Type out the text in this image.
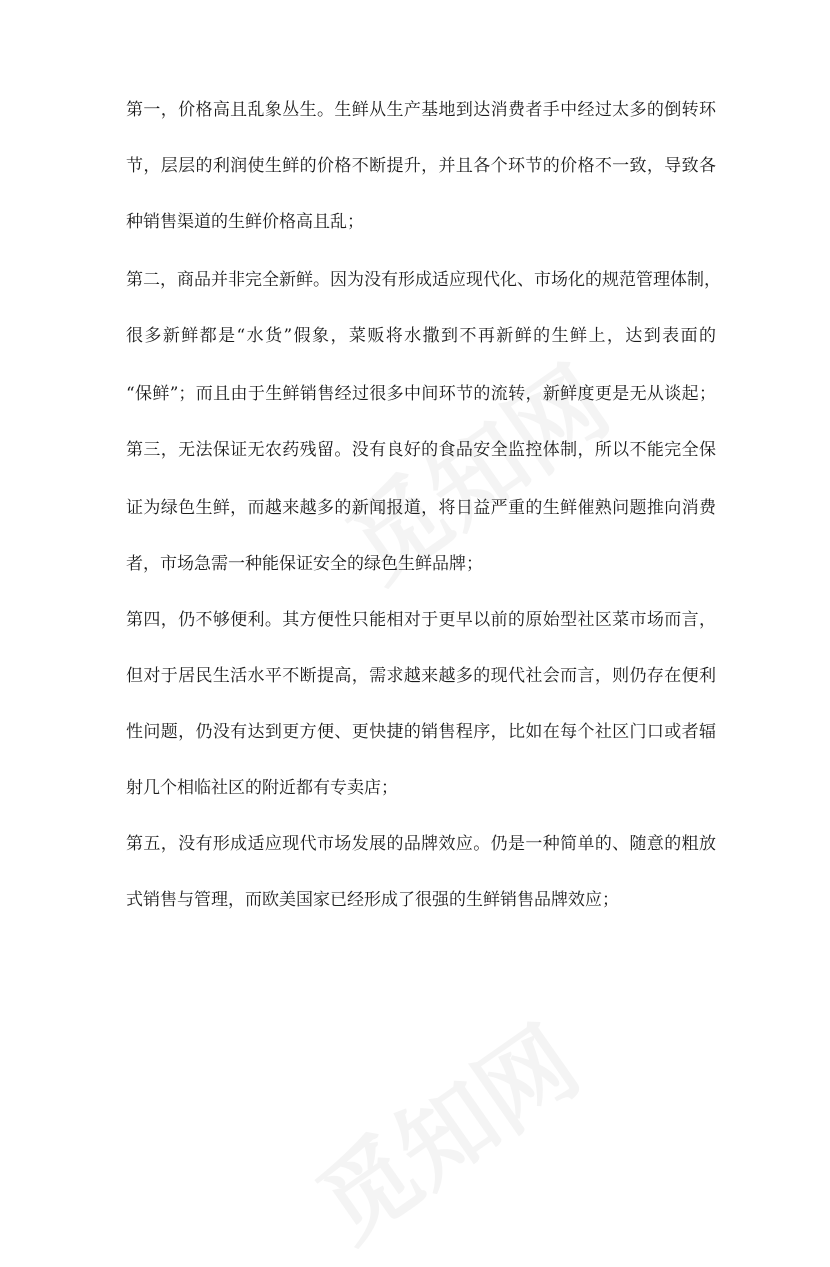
第一，价格高且乱象丛生。生鲜从生产基地到达消费者手中经过太多的倒转环
节，层层的利润使生鲜的价格不断提升，并且各个环节的价格不一致，导致各
种销售渠道的生鲜价格高且乱；
第二，商品并非完全新鲜。因为没有形成适应现代化、市场化的规范管理体制，
很多新鲜都是“水货”假象，菜贩将水撒到不再新鲜的生鲜上，达到表面的
“保鲜”；而且由于生鲜销售经过很多中间环节的流转，新鲜度更是无从谈起；
第三，无法保证无农药残留。没有良好的食品安全监控体制，所以不能完全保
证为绿色生鲜，而越来越多的新闻报道，将日益严重的生鲜催熟问题推向消费
者，市场急需一种能保证安全的绿色生鲜品牌；
第四，仍不够便利。其方便性只能相对于更早以前的原始型社区菜市场而言，
但对于居民生活水平不断提高，需求越来越多的现代社会而言，则仍存在便利
性问题，仍没有达到更方便、更快捷的销售程序，比如在每个社区门口或者辐
射几个相临社区的附近都有专卖店；
第五，没有形成适应现代市场发展的品牌效应。仍是一种简单的、随意的粗放
式销售与管理，而欧美国家已经形成了很强的生鲜销售品牌效应；
